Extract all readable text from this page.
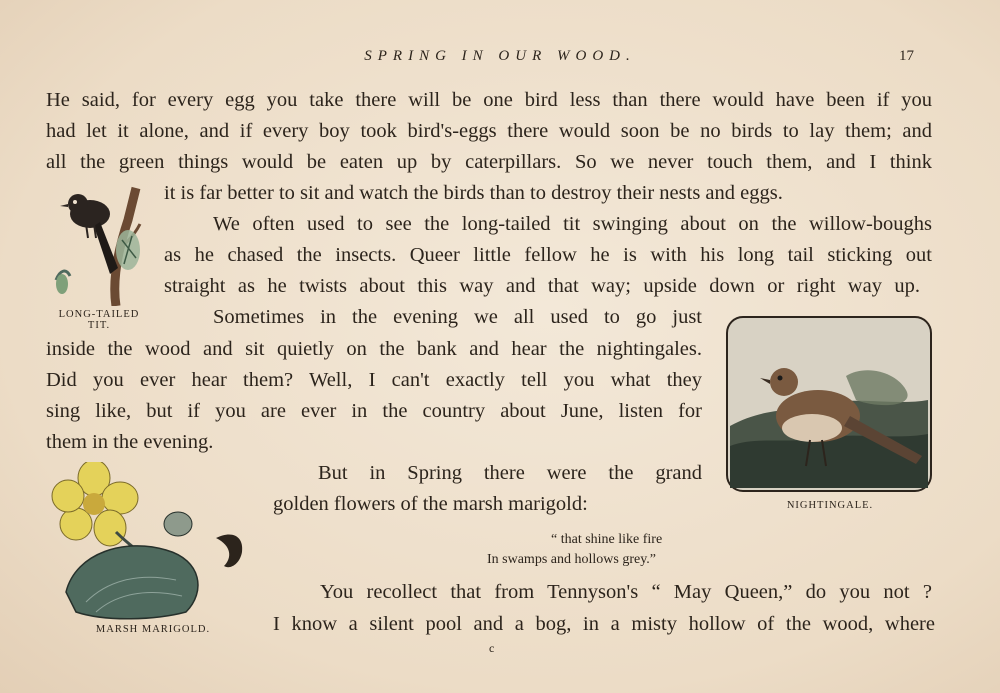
SPRING IN OUR WOOD.	17
He said, for every egg you take there will be one bird less than there would have been if you
had let it alone, and if every boy took bird's-eggs there would soon be no birds to lay them; and
all the green things would be eaten up by caterpillars. So we never touch them, and I think
it is far better to sit and watch the birds than to destroy their nests and eggs.
We often used to see the long-tailed tit swinging about on the willow-boughs
as he chased the insects. Queer little fellow he is with his long tail sticking out
straight as he twists about this way and that way; upside down or right way up.
Sometimes in the evening we all used to go just
inside the wood and sit quietly on the bank and hear the nightingales.
Did you ever hear them? Well, I can't exactly tell you what they
sing like, but if you are ever in the country about June, listen for
them in the evening.
But in Spring there were the grand
golden flowers of the marsh marigold:
“ that shine like fire
In swamps and hollows grey.”
You recollect that from Tennyson's “ May Queen,” do you not ?
I know a silent pool and a bog, in a misty hollow of the wood, where
c
LONG-TAILED
TIT.
NIGHTINGALE.
MARSH MARIGOLD.
